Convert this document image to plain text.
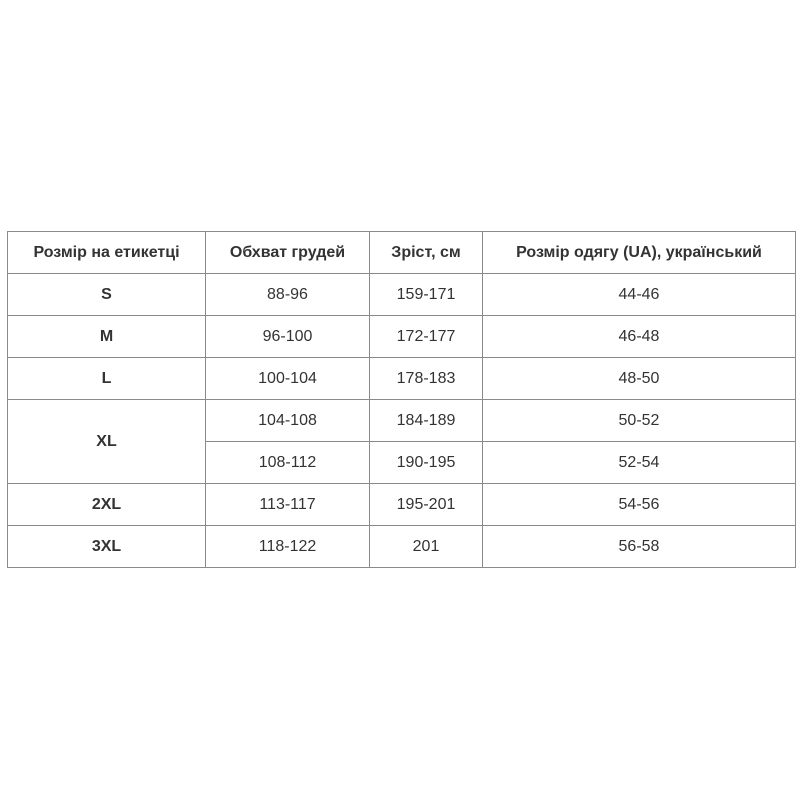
Розмір на етикетці	Обхват грудей	Зріст, см	Розмір одягу (UA), український
S	88-96	159-171	44-46
M	96-100	172-177	46-48
L	100-104	178-183	48-50
XL	104-108	184-189	50-52
	108-112	190-195	52-54
2XL	113-117	195-201	54-56
3XL	118-122	201	56-58
